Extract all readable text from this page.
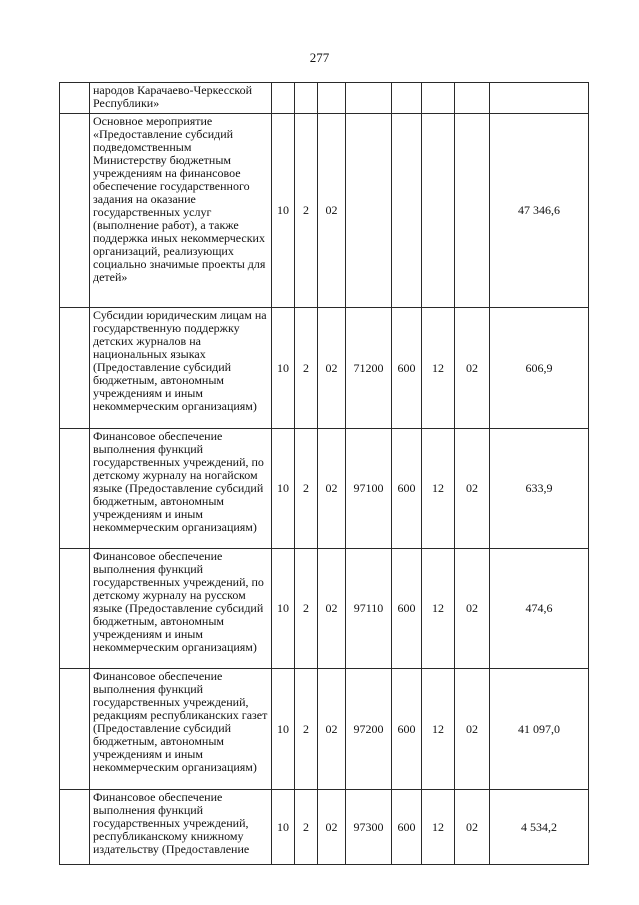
277
	народов Карачаево-Черкесской Республики»								
	Основное мероприятие «Предоставление субсидий подведомственным Министерству бюджетным учреждениям на финансовое обеспечение государственного задания на оказание государственных услуг (выполнение работ), а также поддержка иных некоммерческих организаций, реализующих социально значимые проекты для детей»	10	2	02					47 346,6
	Субсидии юридическим лицам на государственную поддержку детских журналов на национальных языках (Предоставление субсидий бюджетным, автономным учреждениям и иным некоммерческим организациям)	10	2	02	71200	600	12	02	606,9
	Финансовое обеспечение выполнения функций государственных учреждений, по детскому журналу на ногайском языке (Предоставление субсидий бюджетным, автономным учреждениям и иным некоммерческим организациям)	10	2	02	97100	600	12	02	633,9
	Финансовое обеспечение выполнения функций государственных учреждений, по детскому журналу на русском языке (Предоставление субсидий бюджетным, автономным учреждениям и иным некоммерческим организациям)	10	2	02	97110	600	12	02	474,6
	Финансовое обеспечение выполнения функций государственных учреждений, редакциям республиканских газет (Предоставление субсидий бюджетным, автономным учреждениям и иным некоммерческим организациям)	10	2	02	97200	600	12	02	41 097,0
	Финансовое обеспечение выполнения функций государственных учреждений, республиканскому книжному издательству (Предоставление	10	2	02	97300	600	12	02	4 534,2
